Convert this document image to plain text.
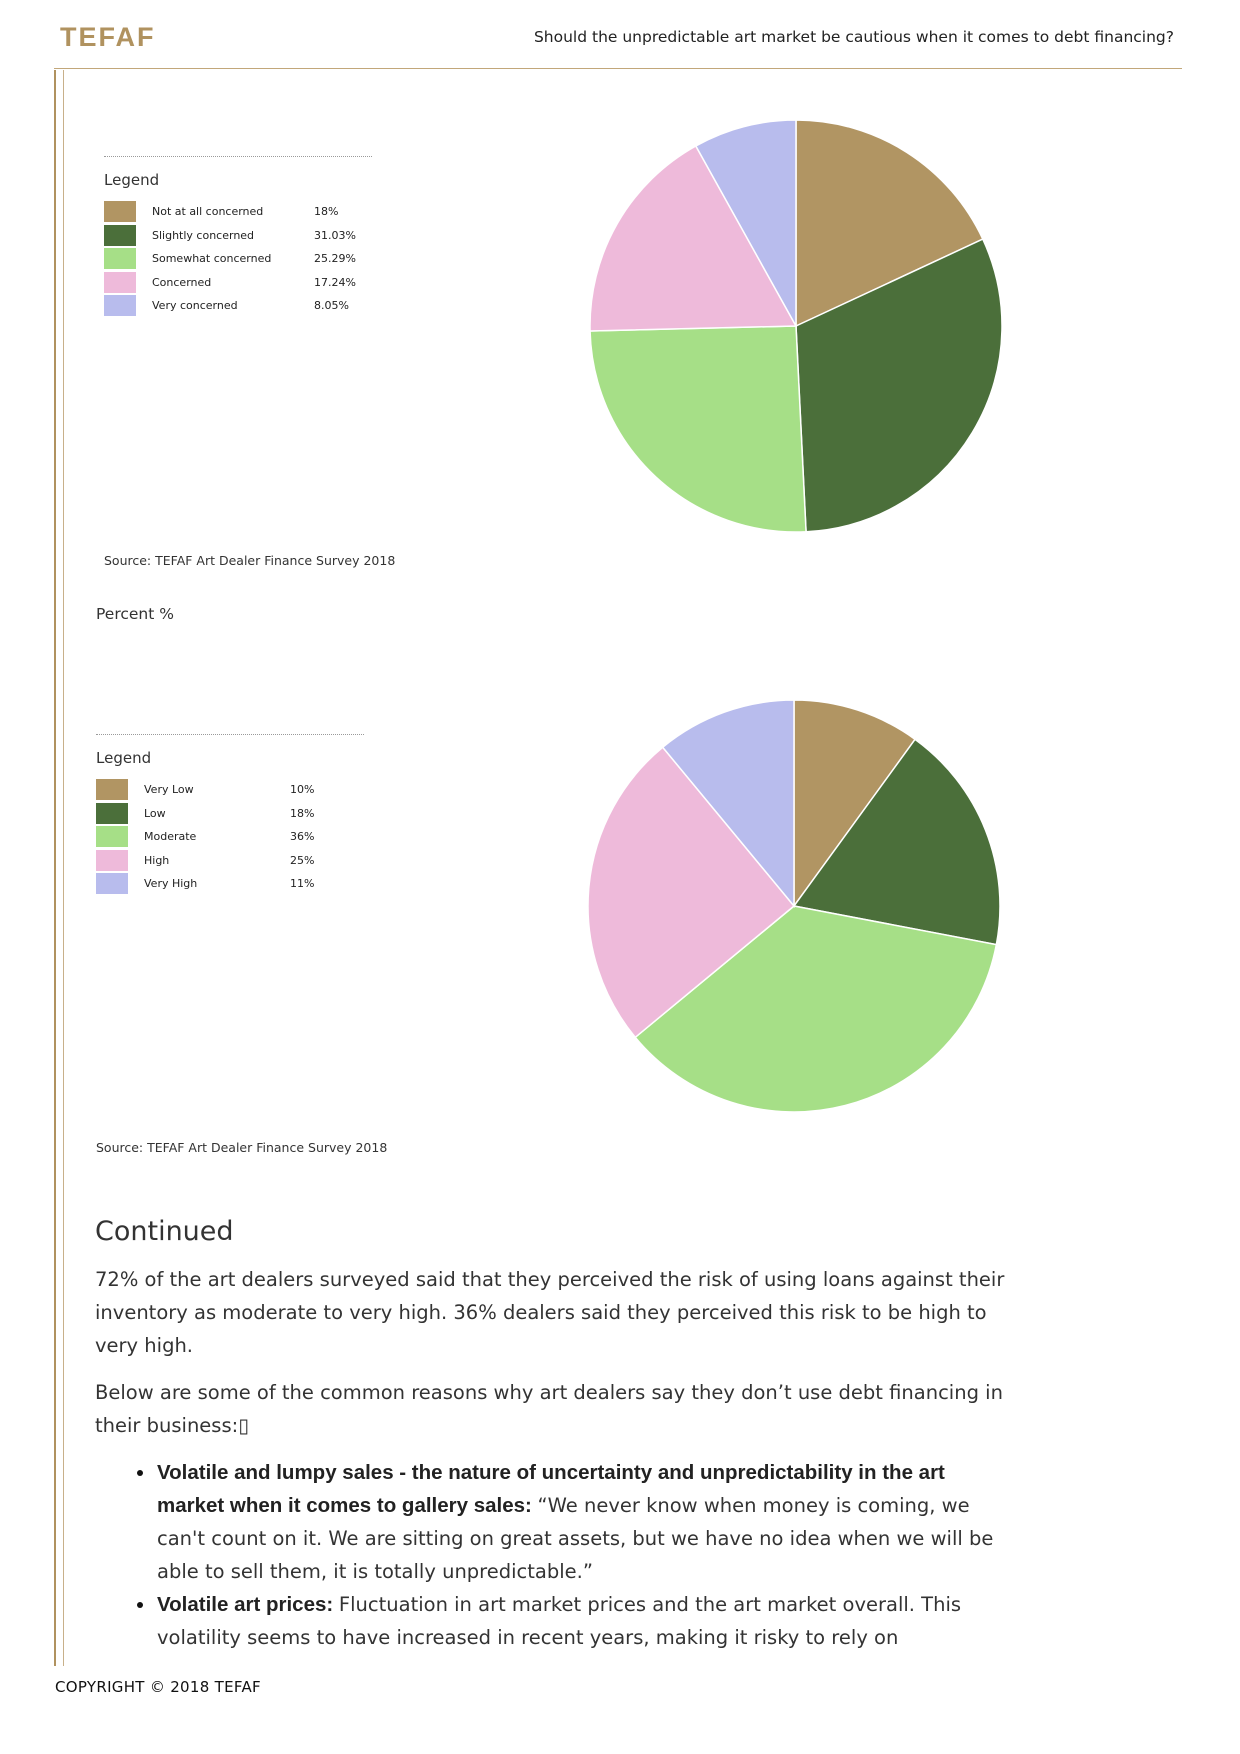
TEFAF	Should the unpredictable art market be cautious when it comes to debt financing?
Legend
Not at all concerned	18%
Slightly concerned	31.03%
Somewhat concerned	25.29%
Concerned	17.24%
Very concerned	8.05%
Source: TEFAF Art Dealer Finance Survey 2018
Percent %
Legend
Very Low	10%
Low	18%
Moderate	36%
High	25%
Very High	11%
Source: TEFAF Art Dealer Finance Survey 2018
Continued

72% of the art dealers surveyed said that they perceived the risk of using loans against their inventory as moderate to very high. 36% dealers said they perceived this risk to be high to very high.

Below are some of the common reasons why art dealers say they don’t use debt financing in their business:▯

Volatile and lumpy sales - the nature of uncertainty and unpredictability in the art market when it comes to gallery sales: “We never know when money is coming, we can't count on it. We are sitting on great assets, but we have no idea when we will be able to sell them, it is totally unpredictable.”
Volatile art prices: Fluctuation in art market prices and the art market overall. This volatility seems to have increased in recent years, making it risky to rely on
COPYRIGHT © 2018 TEFAF
